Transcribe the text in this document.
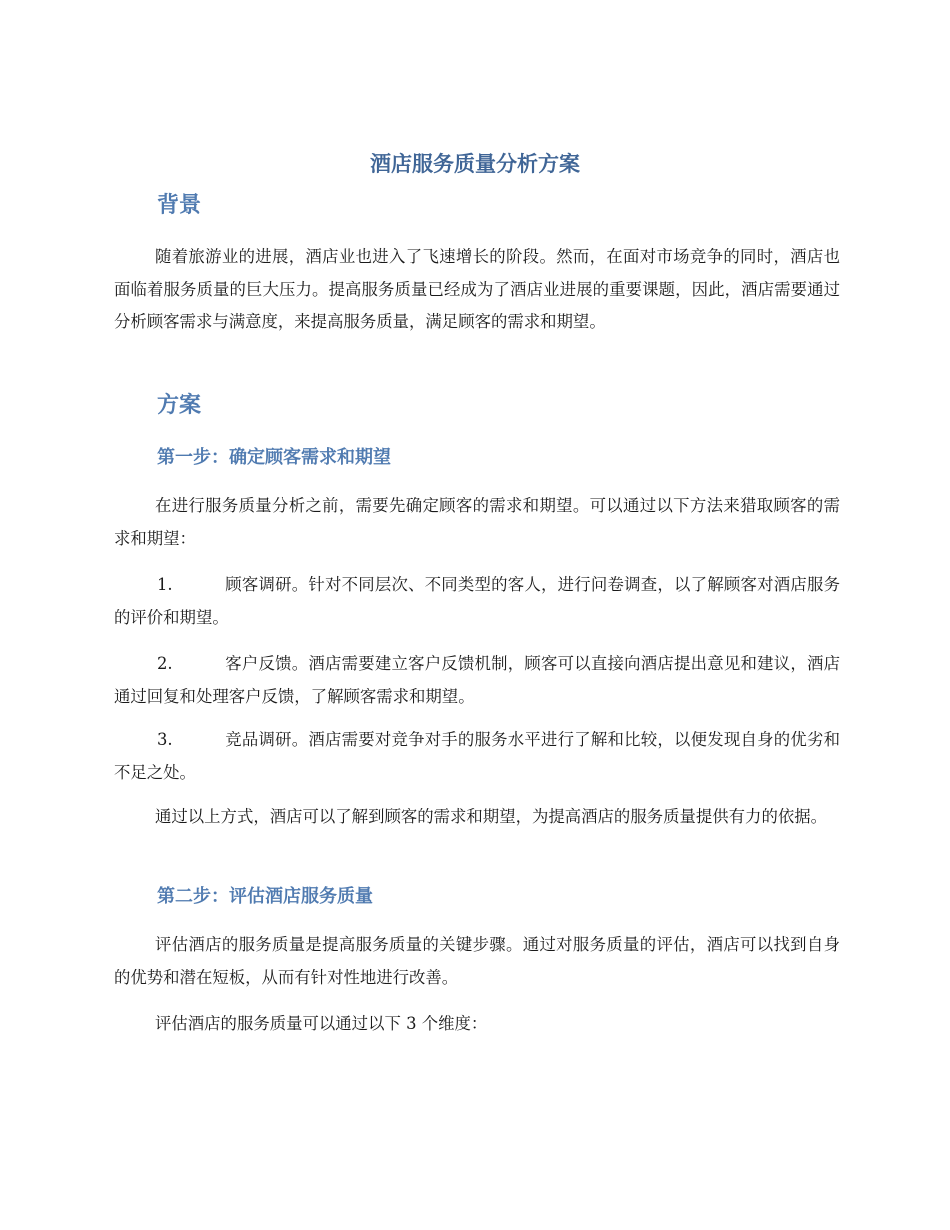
酒店服务质量分析方案
背景

随着旅游业的进展，酒店业也进入了飞速增长的阶段。然而，在面对市场竞争的同时，酒店也面临着服务质量的巨大压力。提高服务质量已经成为了酒店业进展的重要课题，因此，酒店需要通过分析顾客需求与满意度，来提高服务质量，满足顾客的需求和期望。

方案
第一步：确定顾客需求和期望

在进行服务质量分析之前，需要先确定顾客的需求和期望。可以通过以下方法来猎取顾客的需求和期望：

1.	顾客调研。针对不同层次、不同类型的客人，进行问卷调查，以了解顾客对酒店服务的评价和期望。

2.	客户反馈。酒店需要建立客户反馈机制，顾客可以直接向酒店提出意见和建议，酒店通过回复和处理客户反馈，了解顾客需求和期望。

3.	竞品调研。酒店需要对竞争对手的服务水平进行了解和比较，以便发现自身的优劣和不足之处。

通过以上方式，酒店可以了解到顾客的需求和期望，为提高酒店的服务质量提供有力的依据。

第二步：评估酒店服务质量

评估酒店的服务质量是提高服务质量的关键步骤。通过对服务质量的评估，酒店可以找到自身的优势和潜在短板，从而有针对性地进行改善。

评估酒店的服务质量可以通过以下 3 个维度：
